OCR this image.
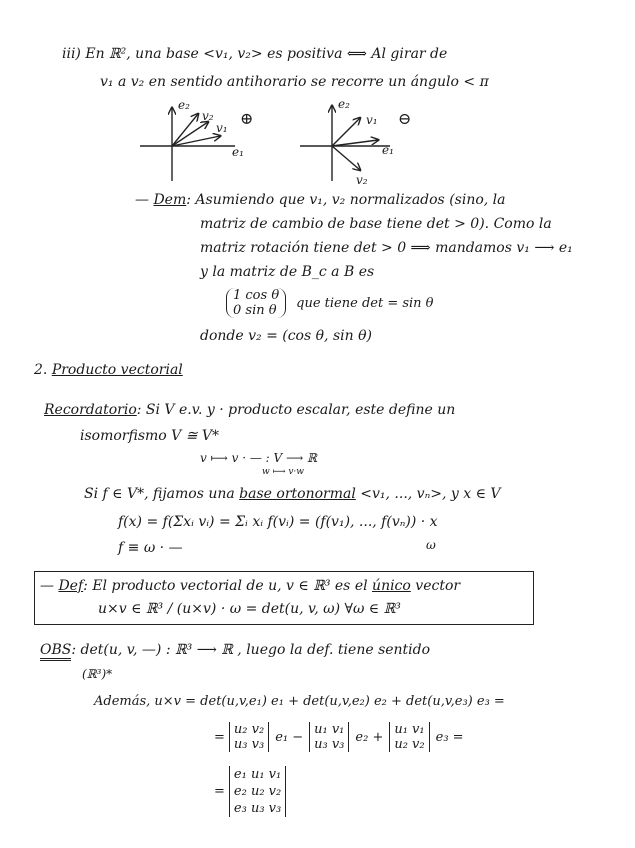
iii) En ℝ², una base <v₁, v₂> es positiva ⟺ Al girar de
v₁ a v₂ en sentido antihorario se recorre un ángulo < π
e₂
v₂
v₁
e₁
⊕
e₂
v₁
e₁
v₂
⊖
— Dem: Asumiendo que v₁, v₂ normalizados (sino, la
matriz de cambio de base tiene det > 0). Como la
matriz rotación tiene det > 0 ⟹ mandamos v₁ ⟶ e₁
y la matriz de B_c a B es
1 cos θ
0 sin θ que tiene det = sin θ
donde v₂ = (cos θ, sin θ)
2. Producto vectorial
Recordatorio: Si V e.v. y · producto escalar, este define un
isomorfismo V ≅ V*
v ⟼ v · — : V ⟶ ℝ
w ⟼ v·w
Si f ∈ V*, fijamos una base ortonormal <v₁, ..., vₙ>, y x ∈ V
f(x) = f(Σxᵢ vᵢ) = Σᵢ xᵢ f(vᵢ) = (f(v₁), ..., f(vₙ)) · x
ω
f ≡ ω · —
— Def: El producto vectorial de u, v ∈ ℝ³ es el único vector
u×v ∈ ℝ³ / (u×v) · ω = det(u, v, ω) ∀ω ∈ ℝ³
OBS: det(u, v, —) : ℝ³ ⟶ ℝ , luego la def. tiene sentido
(ℝ³)*
Además, u×v = det(u,v,e₁) e₁ + det(u,v,e₂) e₂ + det(u,v,e₃) e₃ =
= u₂ v₂
u₃ v₃ e₁ − u₁ v₁
u₃ v₃ e₂ + u₁ v₁
u₂ v₂ e₃ =
=
e₁ u₁ v₁
e₂ u₂ v₂
e₃ u₃ v₃
